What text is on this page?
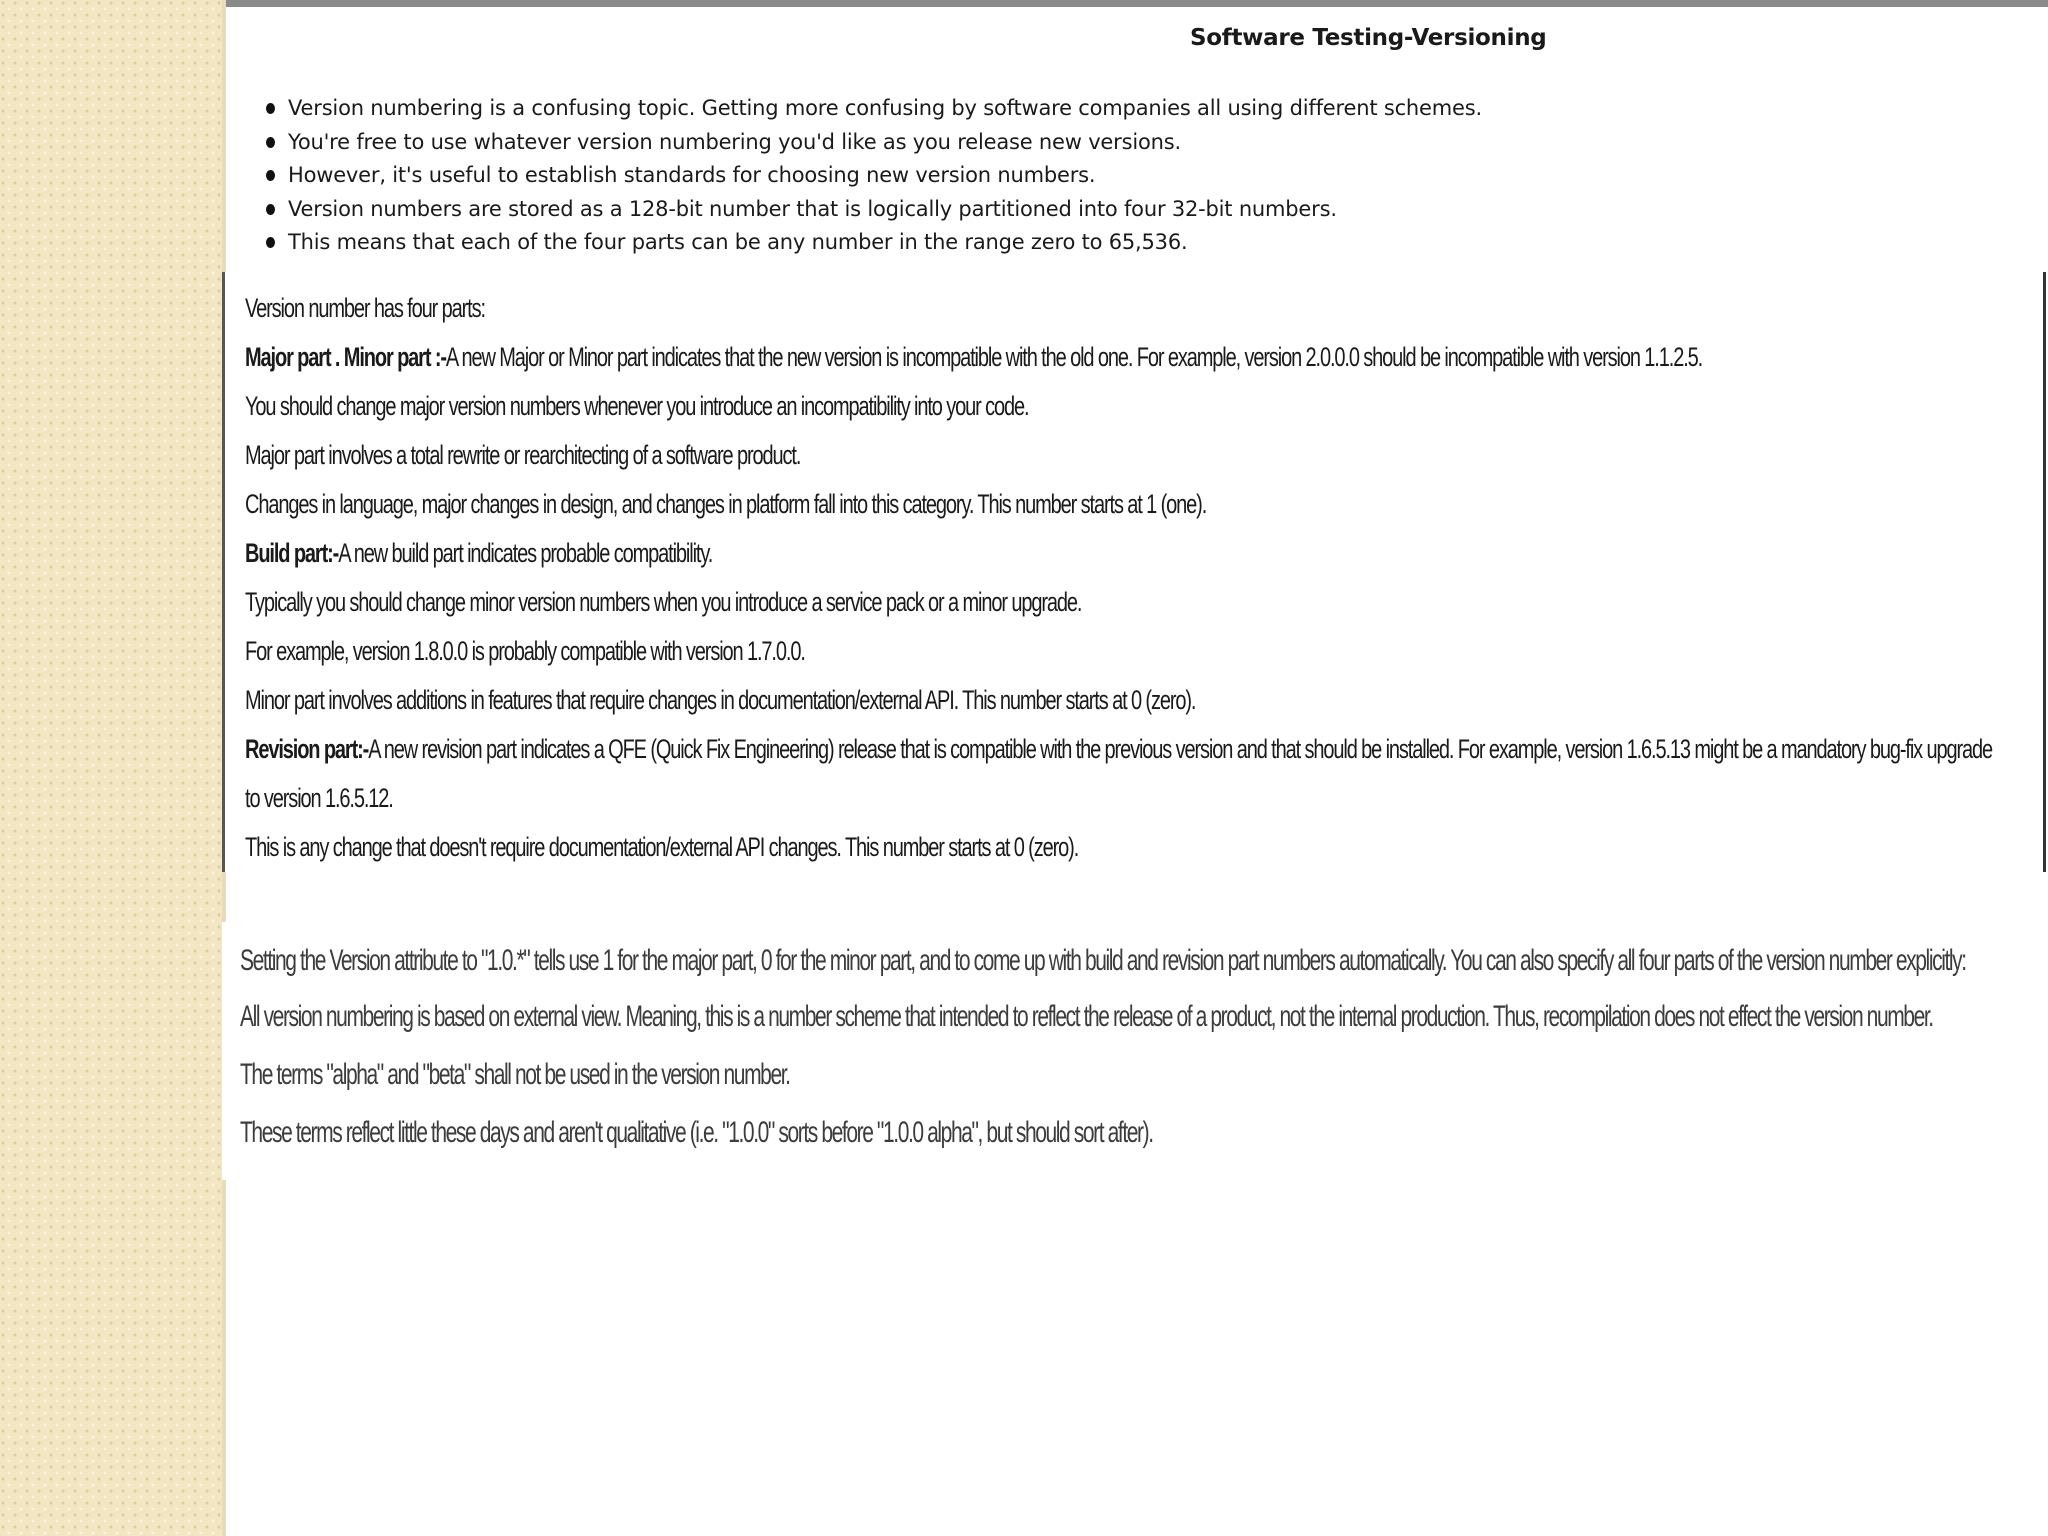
Software Testing-Versioning
Version numbering is a confusing topic. Getting more confusing by software companies all using different schemes.
You're free to use whatever version numbering you'd like as you release new versions.
However, it's useful to establish standards for choosing new version numbers.
Version numbers are stored as a 128-bit number that is logically partitioned into four 32-bit numbers.
This means that each of the four parts can be any number in the range zero to 65,536.
Version number has four parts:
Major part . Minor part :-A new Major or Minor part indicates that the new version is incompatible with the old one. For example, version 2.0.0.0 should be incompatible with version 1.1.2.5.
You should change major version numbers whenever you introduce an incompatibility into your code.
Major part involves a total rewrite or rearchitecting of a software product.
Changes in language, major changes in design, and changes in platform fall into this category. This number starts at 1 (one).
Build part:-A new build part indicates probable compatibility.
Typically you should change minor version numbers when you introduce a service pack or a minor upgrade.
For example, version 1.8.0.0 is probably compatible with version 1.7.0.0.
Minor part involves additions in features that require changes in documentation/external API. This number starts at 0 (zero).
Revision part:-A new revision part indicates a QFE (Quick Fix Engineering) release that is compatible with the previous version and that should be installed. For example, version 1.6.5.13 might be a mandatory bug-fix upgrade
to version 1.6.5.12.
This is any change that doesn't require documentation/external API changes. This number starts at 0 (zero).
Setting the Version attribute to "1.0.*" tells use 1 for the major part, 0 for the minor part, and to come up with build and revision part numbers automatically. You can also specify all four parts of the version number explicitly:
All version numbering is based on external view. Meaning, this is a number scheme that intended to reflect the release of a product, not the internal production. Thus, recompilation does not effect the version number.
The terms "alpha" and "beta" shall not be used in the version number.
These terms reflect little these days and aren't qualitative (i.e. "1.0.0" sorts before "1.0.0 alpha", but should sort after).
